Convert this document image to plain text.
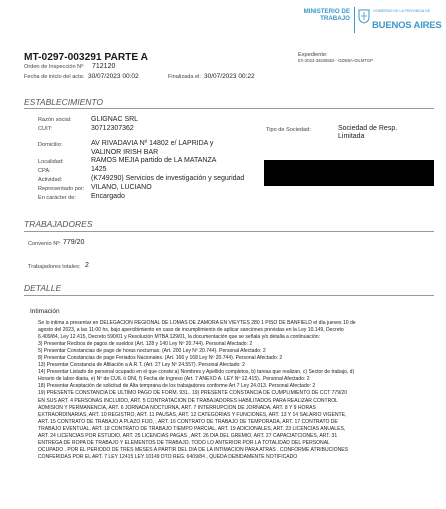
MINISTERIO DE
TRABAJO
GOBIERNO DE LA PROVINCIA DE
BUENOS AIRES
MT-0297-003291 PARTE A
Orden de Inspección Nº 712120
Fecha de inicio del acta: 30/07/2023 00:02	Finalizada el: 30/07/2023 00:22
Expediente:
EX-2023-34636552- -GDEBA-DILMTGP
ESTABLECIMIENTO
Razón social:	GLIGNAC SRL
CUIT:	30712307362	Tipo de Sociedad:	Sociedad de Resp.
Limitada
Domicilio:	AV RIVADAVIA Nº 14802 e/ LAPRIDA y
VALINOR IRISH BAR
Localidad:	RAMOS MEJIA partido de LA MATANZA
CPA:	1425
Actividad:	(K749290) Servicios de investigación y seguridad
Representado por: VILANO, LUCIANO
En carácter de: Encargado
TRABAJADORES
Convenio Nº: 779/20
Trabajadores totales: 2
DETALLE
Intimación

Se lo intima a presentar en DELEGACION REGIONAL DE LOMAS DE ZAMORA EN VIEYTES 280 1 PISO DE BANFIELD el día jueves 10 de

agosto del 2023, a las 11:00 hs, bajo apercibimiento en caso de incumplimiento de aplicar sanciones previstas en la Ley 10.149, Decreto

6.409/84, Ley 12.415, Decreto 590/01 y Resolución MTBA 129/01, la documentación que se señala y/o detalla a continuación:

3) Presentar Recibos de pagos de sueldos (Art. 128 y 140 Ley Nº 20.744). Personal Afectado: 2

5) Presentar Constancias de pago de horas nocturnas. (Art. 200 Ley Nº 20.744). Personal Afectado: 2

8) Presentar Constancias de pago Feriados Nacionales. (Art. 166 y 168 Ley Nº 20.744). Personal Afectado: 2

13) Presentar Constancia de Afiliación a A.R.T. (Art. 27 Ley Nº 24.557). Personal Afectado: 2

14) Presentar Listado de personal ocupado en el que conste:a) Nombres y Apellido completos, b) tareas que realizan, c) Sector de trabajo, d)

Horario de labor diaria, e) Nº de CUIL ó DNI, f) Fecha de Ingreso (Art. 7 ANEXO A. LEY Nº 12.415).. Personal Afectado: 2

18) Presentar Aceptación de solicitud de Alta temprana de los trabajadores conforme Art 7 Ley 24.013. Personal Afectado: 2

19) PRESENTE CONSTANCIA DE ULTIMO PAGO DE FORM. 931.. 19) PRESENTE CONSTANCIA DE CUMPLIMIENTO DE CCT 779/20

EN SUS ART. 4 PERSONAS INCLUIDO, ART. 5 CONTRATACION DE TRABAJADORES HABILITADOS PARA REALIZAR CONTROL

ADMISION Y PERMANENCIA, ART. 6 JORNADA NOCTURNA, ART. 7 INTERRUPCION DE JORNADA, ART. 8 Y 9 HORAS

EXTRAORDINARIAS, ART. 10 REGISTRO, ART. 11 PAUSAS, ART. 12 CATEGORIAS Y FUNCIONES, ART. 13 Y 14 SALARIO VIGENTE,

ART. 15 CONTRATO DE TRABAJO A PLAZO FIJO, , ART. 16 CONTRATO DE TRABAJO DE TEMPORADA, ART. 17 CONTRATO DE

TRABAJO EVENTUAL, ART. 18 CONTRATO DE TRABAJO TIEMPO PARCIAL, ART. 19 ADICIONALES, ART. 23 LICENCIAS ANUALES,

ART. 24 LICENCIAS POR ESTUDIO, ART. 25 LICENCIAS PAGAS , ART. 26 DIA DEL GREMIO, ART. 27 CAPACIATCIONES, ART. 31

ENTREGA DE ROPA DE TRABAJO Y ELEMENTOS DE TRABAJO. TODO LO ANTERIOR POR LA TOTALIDAD DEL PERSONAL

OCUPADO . POR EL PERIODO DE TRES MESES A PARTIR DEL DIA DE LA INTIMACION PARA ATRÁS . CONFORME ATRIBUCIONES

CONFERIDAS POR EL ART. 7 LEY 12415 LEY 10149 DTO REG. 6409/84 , QUEDA DEBIDAMENTE NOTIFICADO
